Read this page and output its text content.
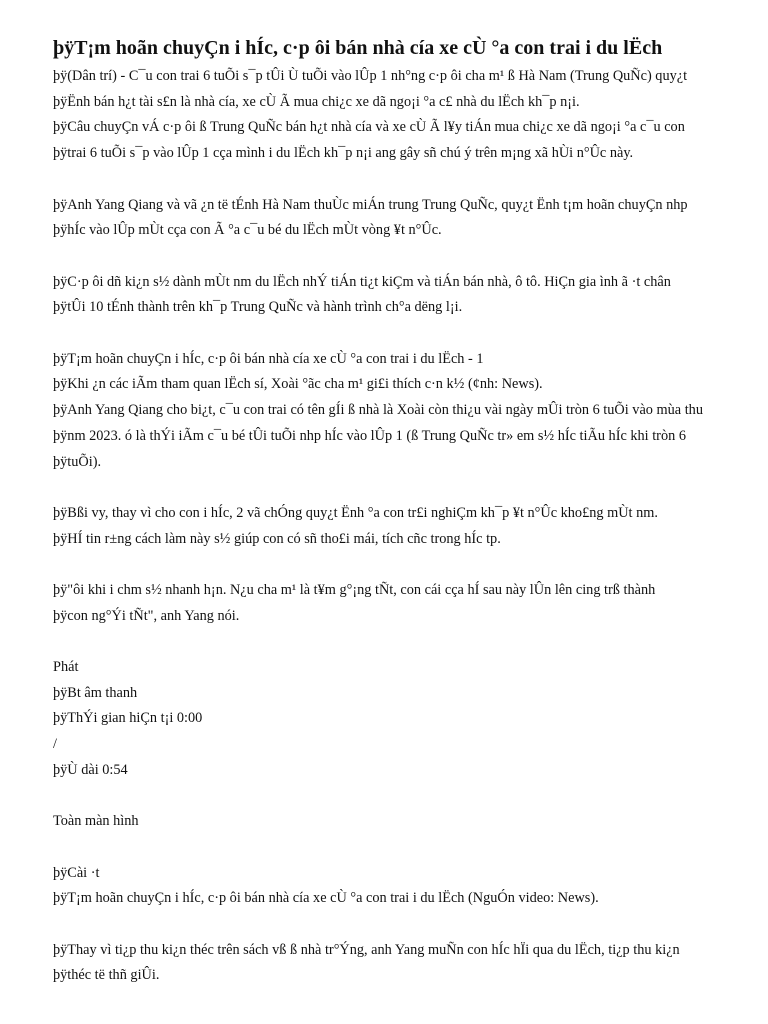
þÿT¡m hoãn chuyÇn i hÍc, c·p ôi bán nhà cía xe cÙ °a con trai i du lËch
þÿ(Dân trí) - C¯u con trai 6 tuÕi s¯p tÛi Ù tuÕi vào lÛp 1 nh°ng c·p ôi cha m¹ ß Hà Nam (Trung QuÑc) quy¿t
þÿËnh bán h¿t tài s£n là nhà cía, xe cÙ Ã mua chi¿c xe dã ngo¡i °a c£ nhà du lËch kh¯p n¡i.
þÿCâu chuyÇn vÁ c·p ôi ß Trung QuÑc bán h¿t nhà cía và xe cÙ Ã l¥y tiÁn mua chi¿c xe dã ngo¡i °a c¯u con
þÿtrai 6 tuÕi s¯p vào lÛp 1 cça mình i du lËch kh¯p n¡i ang gây sñ chú ý trên m¡ng xã hÙi n°Ûc này.
þÿAnh Yang Qiang và vã ¿n të tÉnh Hà Nam thuÙc miÁn trung Trung QuÑc, quy¿t Ënh t¡m hoãn chuyÇn nhp
þÿhÍc vào lÛp mÙt cça con Ã °a c¯u bé du lËch mÙt vòng ¥t n°Ûc.
þÿC·p ôi dñ ki¿n s½ dành mÙt nm du lËch nhÝ tiÁn ti¿t kiÇm và tiÁn bán nhà, ô tô. HiÇn gia ình ã ·t chân
þÿtÛi 10 tÉnh thành trên kh¯p Trung QuÑc và hành trình ch°a dëng l¡i.
þÿT¡m hoãn chuyÇn i hÍc, c·p ôi bán nhà cía xe cÙ °a con trai i du lËch - 1
þÿKhi ¿n các iÃm tham quan lËch sí, Xoài °ãc cha m¹ gi£i thích c·n k½ (¢nh: News).
þÿAnh Yang Qiang cho bi¿t, c¯u con trai có tên gÍi ß nhà là Xoài còn thi¿u vài ngày mÛi tròn 6 tuÕi vào mùa thu
þÿnm 2023. ó là thÝi iÃm c¯u bé tÛi tuÕi nhp hÍc vào lÛp 1 (ß Trung QuÑc tr» em s½ hÍc tiÃu hÍc khi tròn 6
þÿtuÕi).
þÿBßi vy, thay vì cho con i hÍc, 2 vã chÓng quy¿t Ënh °a con tr£i nghiÇm kh¯p ¥t n°Ûc kho£ng mÙt nm.
þÿHÍ tin r±ng cách làm này s½ giúp con có sñ tho£i mái, tích cñc trong hÍc tp.
þÿ"ôi khi i chm s½ nhanh h¡n. N¿u cha m¹ là t¥m g°¡ng tÑt, con cái cça hÍ sau này lÛn lên cing trß thành
þÿcon ng°Ýi tÑt", anh Yang nói.
Phát
þÿBt âm thanh
þÿThÝi gian hiÇn t¡i 0:00
/
þÿÙ dài 0:54
Toàn màn hình
þÿCài ·t
þÿT¡m hoãn chuyÇn i hÍc, c·p ôi bán nhà cía xe cÙ °a con trai i du lËch (NguÓn video: News).
þÿThay vì ti¿p thu ki¿n théc trên sách vß ß nhà tr°Ýng, anh Yang muÑn con hÍc hÏi qua du lËch, ti¿p thu ki¿n
þÿthéc të thñ giÛi.
